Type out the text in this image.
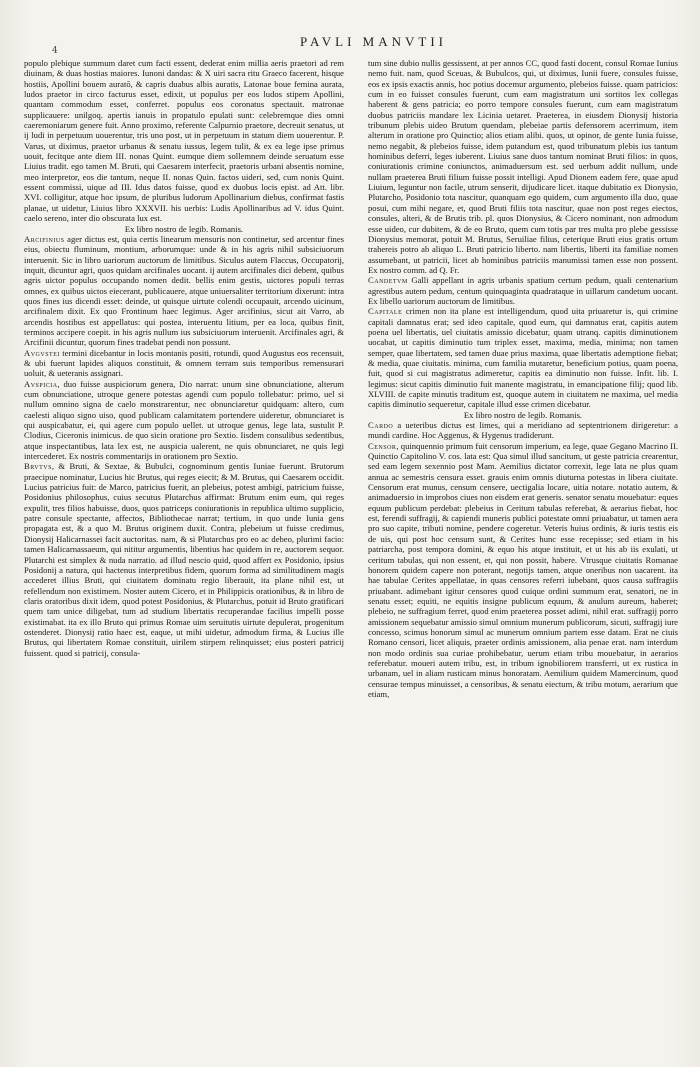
4
PAVLI MANVTII

populo plebique summum daret cum facti essent, dederat enim millia aeris praetori ad rem diuinam, & duas hostias maiores. Iunoni dandas: & X uiri sacra ritu Graeco facerent, hisque hostiis, Apollini bouem auratō, & capris duabus albis auratis, Latonae boue femina aurata, ludos praetor in circo facturus esset, edixit, ut populus per eos ludos stipem Apollini, quantam commodum esset, conferret. populus eos coronatus spectauit. matronae supplicauere: unilgoq. apertis ianuis in propatulo epulati sunt: celebremque dies omni caeremoniarum genere fuit. Anno proximo, referente Calpurnio praetore, decreuit senatus, ut ij ludi in perpetuum uouerentur, tris uno post, ut in perpetuum in statum diem uouerentur. P. Varus, ut diximus, praetor urbanus & senatu iussus, legem tulit, & ex ea lege ipse primus uouit, fecitque ante diem III. nonas Quint. eumque diem sollemnem deinde seruatum esse Liuius tradit. ego tamen M. Bruti, qui Caesarem interfecit, praetoris urbani absentis nomine, meo interpretor, eos die tantum, neque II. nonas Quin. factos uideri, sed, cum nonis Quint. essent commissi, uique ad III. Idus datos fuisse, quod ex duobus locis epist. ad Att. libr. XVI. colligitur, atque hoc ipsum, de pluribus ludorum Apollinarium diebus, confirmat fastis planae, ut uidetur, Liuius libro XXXVII. his uerbis: Ludis Apollinaribus ad V. idus Quint. caelo sereno, inter dio obscurata lux est.

Ex libro nostro de legib. Romanis.

Arcifinius ager dictus est, quia certis linearum mensuris non continetur, sed arcentur fines eius, obiectu fluminum, montium, arborumque: unde & in his agris nihil subsiciuorum interuenit. Sic in libro uariorum auctorum de limitibus. Siculus autem Flaccus, Occupatorij, inquit, dicuntur agri, quos quidam arcifinales uocant. ij autem arcifinales dici debent, quibus agris uictor populus occupando nomen dedit. bellis enim gestis, uictores populi terras omnes, ex quibus uictos eiecerant, publicauere, atque uniuersaliter territorium dixerunt: intra quos fines ius dicendi esset: deinde, ut quisque uirtute colendi occupauit, arcendo uicinum, arcifinalem dixit. Ex quo Frontinum haec legimus. Ager arcifinius, sicut ait Varro, ab arcendis hostibus est appellatus: qui postea, interuentu litium, per ea loca, quibus finit, terminos accipere coepit. in his agris nullum ius subsiciuorum interuenit. Arcifinales agri, & Arcifinii dicuntur, quorum fines tradebat pendi non possunt.

Avgvstei termini dicebantur in locis montanis positi, rotundi, quod Augustus eos recensuit, & ubi fuerunt lapides aliquos constituit, & omnem terram suis temporibus remensurari uoluit, & ueteranis assignari.

Avspicia, duo fuisse auspiciorum genera, Dio narrat: unum sine obnunciatione, alterum cum obnunciatione, utroque genere potestas agendi cum populo tollebatur: primo, uel si nullum omnino signa de caelo monstrarentur, nec obnunciaretur quidquam: altero, cum caelesti aliquo signo uiso, quod publicam calamitatem portendere uideretur, obnunciaret is qui auspicabatur, ei, qui agere cum populo uellet. ut utroque genus, lege lata, sustulit P. Clodius, Ciceronis inimicus. de quo sicin oratione pro Sextio. Iisdem consulibus sedentibus, atque inspectantibus, lata lex est, ne auspicia ualerent, ne quis obnunciaret, ne quis legi intercederet. Ex nostris commentarijs in orationem pro Sextio.

Brvtvs, & Bruti, & Sextae, & Bubulci, cognominum gentis Iuniae fuerunt. Brutorum praecipue nominatur, Lucius hic Brutus, qui reges eiecit; & M. Brutus, qui Caesarem occidit. Lucius patricius fuit: de Marco, patricius fuerit, an plebeius, potest ambigi, patricium fuisse, Posidonius philosophus, cuius secutus Plutarchus affirmat: Brutum enim eum, qui reges expulit, tres filios habuisse, duos, quos patriceps coniurationis in republica ultimo supplicio, patre consule spectante, affectos, Bibliothecae narrat; tertium, in quo unde Iunia gens propagata est, & a quo M. Brutus originem duxit. Contra, plebeium ut fuisse credimus, Dionysij Halicarnassei facit auctoritas. nam, & si Plutarchus pro eo ac debeo, plurimi facio: tamen Halicarnassaeum, qui nititur argumentis, libentius hac quidem in re, auctorem sequor. Plutarchi est simplex & nuda narratio. ad illud nescio quid, quod affert ex Posidonio, ipsius Posidonij a natura, qui hactenus interpretibus fidem, quorum forma ad similitudinem magis accederet illius Bruti, qui ciuitatem dominatu regio liberauit, ita plane nihil est, ut refellendum non existimem. Noster autem Cicero, et in Philippicis orationibus, & in libro de claris oratoribus dixit idem, quod potest Posidonius, & Plutarchus, potuit id Bruto gratificari quem tam unice diligebat, tum ad studium libertatis recuperandae facilius impelli posse existimabat. ita ex illo Bruto qui primus Romae uim seruitutis uirtute depulerat, progenitum ostenderet. Dionysij ratio haec est, eaque, ut mihi uidetur, admodum firma, & Lucius ille Brutus, qui libertatem Romae constituit, uirilem stirpem relinquisset; eius posteri patricij fuissent. quod si patricij, consula-

tum sine dubio nullis gessissent, at per annos CC, quod fasti docent, consul Romae Iunius nemo fuit. nam, quod Sceuas, & Bubulcos, qui, ut diximus, Iunii fuere, consules fuisse, eos ex ipsis exactis annis, hoc potius docemur argumento, plebeios fuisse. quam patricios: cum in eo fuisset consules fuerunt, cum eam magistratum uni sortitos lex collegas haberent & gens patricia; eo porro tempore consules fuerunt, cum eam magistratum duobus patriciis mandare lex Licinia uetaret. Praeterea, in eiusdem Dionysij historia tribunum plebis uideo Brutum quendam, plebeiae partis defensorem acerrimum, item alterum in oratione pro Quinctio; alios etiam alibi. quos, ut opinor, de gente Iunia fuisse, nemo negabit, & plebeios fuisse, idem putandum est, quod tribunatum plebis ius tantum hominibus deferri, leges iuberent. Liuius sane duos tantum nominat Bruti filios: in quos, coniurationis crimine coniunctos, animaduersum est. sed uerbum addit nullum, unde nullam praeterea Bruti filium fuisse possit intelligi. Apud Dionem eadem fere, quae apud Liuium, leguntur non facile, utrum senserit, dijudicare licet. itaque dubitatio ex Dionysio, Plutarcho, Posidonio tota nascitur, quanquam ego quidem, cum argumento illa duo, quae posui, cum mihi negare, et, quod Bruti filiis tota nascitur, quae non post reges eiectos, consules, alteri, & de Brutis trib. pl. quos Dionysius, & Cicero nominant, non admodum esse uideo, cur dubitem, & de eo Bruto, quem cum totis par tres multa pro plebe gessisse Dionysius memorat, potuit M. Brutus, Seruiliae filius, ceterique Bruti eius gratis ortum trahereis potro ab aliquo L. Bruti patricio liberto. nam libertis, liberti ita familiae nomen assumebant, ut patricii, licet ab hominibus patriciis manumissi tamen esse non possent. Ex nostro comm. ad Q. Fr.

Candetvm Galli appellant in agris urbanis spatium certum pedum, quali centenarium agrestibus autem pedum, centum quinquaginta quadrataque in uillarum candetum uocant. Ex libello uariorum auctorum de limitibus.

Capitale crimen non ita plane est intelligendum, quod uita priuaretur is, qui crimine capitali damnatus erat; sed ideo capitale, quod eum, qui damnatus erat, capitis autem poena uel libertatis, uel ciuitatis amissio dicebatur, quam utranq. capitis diminutionem uocabat, ut capitis diminutio tum triplex esset, maxima, media, minima; non tamen semper, quae libertatem, sed tamen duae prius maxima, quae libertatis ademptione fiebat; & media, quae ciuitatis. minima, cum familia mutaretur, beneficium potius, quam poena, fuit, quod si cui magistratus adimeretur, capitis ea diminutio non fuisse. Infit. lib. I. legimus: sicut capitis diminutio fuit manente magistratu, in emancipatione filij; quod lib. XLVIII. de capite minutis traditum est, quoque autem in ciuitatem ne maxima, uel media capitis diminutio sequeretur, capitale illud esse crimen dicebatur.

Ex libro nostro de legib. Romanis.

Cardo a ueteribus dictus est limes, qui a meridiano ad septentrionem dirigeretur: a mundi cardine. Hoc Aggenus, & Hygenus tradiderunt.

Censor, quinquennio primum fuit censorum imperium, ea lege, quae Gegano Macrino II. Quinctio Capitolino V. cos. lata est: Qua simul illud sancitum, ut geste patricia crearentur, sed eam legem sexennio post Mam. Aemilius dictator correxit, lege lata ne plus quam annua ac semestris censura esset. grauis enim omnis diuturna potestas in libera ciuitate. Censorum erat munus, censum censere, uectigalia locare, uitia notare. notatio autem, & animaduersio in improbos ciues non eisdem erat generis. senator senatu mouebatur: eques equum publicum perdebat: plebeius in Ceritum tabulas referebat, & aerarius fiebat, hoc est, ferendi suffragij, & capiendi muneris publici potestate omni priuabatur, ut tamen aera pro suo capite, tributi nomine, pendere cogeretur. Veteris huius ordinis, & iuris testis eis de uis, qui post hoc censum sunt, & Cerites hunc esse recepisse; sed etiam in his patriarcha, post tempora domini, & equo his atque instituit, et ut his ab iis exulati, ut ceritum tabulas, qui non essent, et, qui non possit, habere. Vtrusque ciuitatis Romanae honorem quidem capere non poterant, negotijs tamen, atque oneribus non uacarent. ita hae tabulae Cerites appellatae, in quas censores referri iubebant, quos causa suffragiis priuabant. adimebant igitur censores quod cuique ordini summum erat, senatori, ne in senatu esset; equiti, ne equitis insigne publicum equum, & anulum aureum, haberet; plebeio, ne suffragium ferret, quod enim praeterea posset adimi, nihil erat. suffragij porro amissionem sequebatur amissio simul omnium munerum publicorum, sicuti, suffragij iure concesso, scimus honorum simul ac munerum omnium partem esse datam. Erat ne ciuis Romano censori, licet aliquis, praeter ordinis amissionem, alia penae erat. nam interdum non modo ordinis sua curiae prohibebatur, uerum etiam tribu mouebatur, in aerarios referebatur. moueri autem tribu, est, in tribum ignobiliorem transferri, ut ex rustica in urbanam, uel in aliam rusticam minus honoratam. Aemilium quidem Mamercinum, quod censurae tempus minuisset, a censoribus, & senatu eiectum, & tribu motum, aerarium que etiam,
